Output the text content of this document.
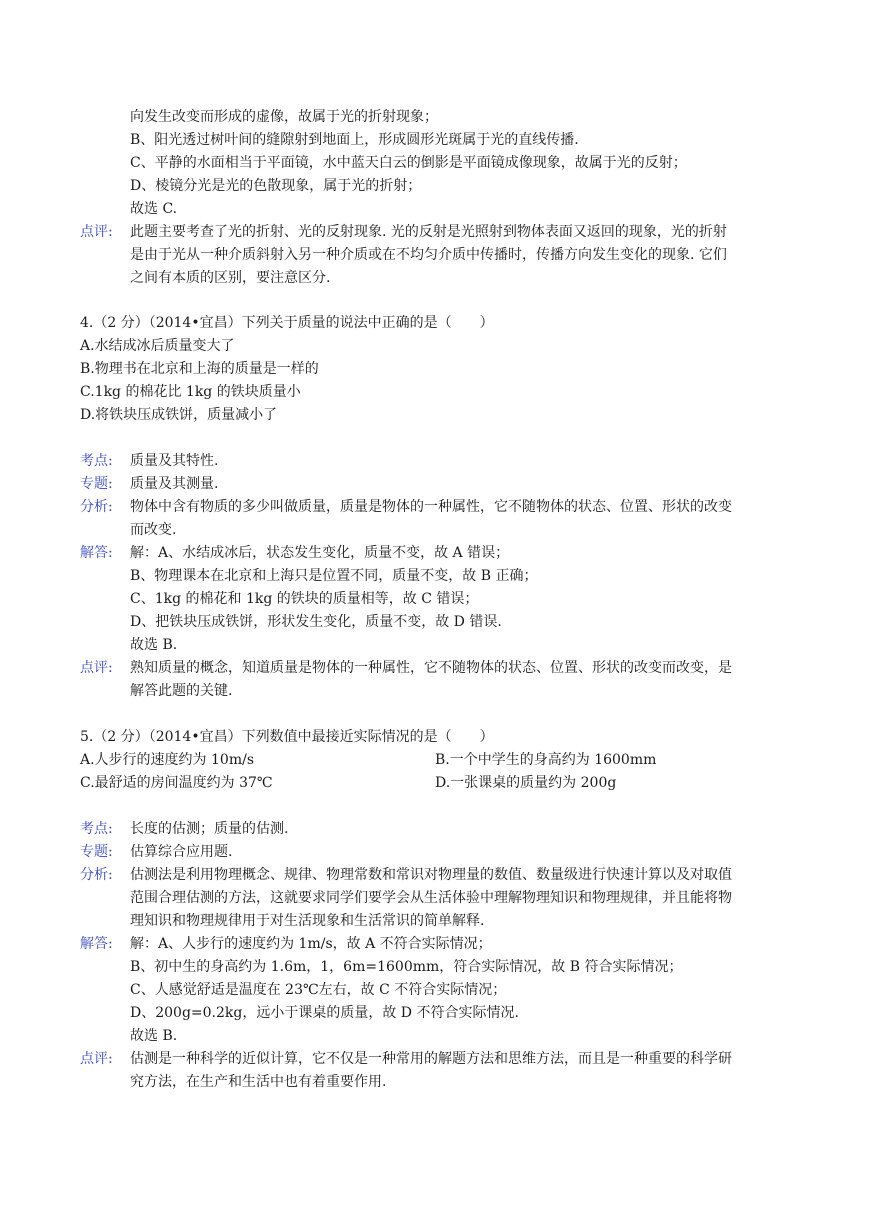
向发生改变而形成的虚像，故属于光的折射现象；
B、阳光透过树叶间的缝隙射到地面上，形成圆形光斑属于光的直线传播.
C、平静的水面相当于平面镜，水中蓝天白云的倒影是平面镜成像现象，故属于光的反射；
D、棱镜分光是光的色散现象，属于光的折射；
故选 C.
点评: 此题主要考查了光的折射、光的反射现象. 光的反射是光照射到物体表面又返回的现象，光的折射
是由于光从一种介质斜射入另一种介质或在不均匀介质中传播时，传播方向发生变化的现象. 它们
之间有本质的区别，要注意区分.
4.（2 分）（2014•宜昌）下列关于质量的说法中正确的是（　　）
A.水结成冰后质量变大了
B.物理书在北京和上海的质量是一样的
C.1kg 的棉花比 1kg 的铁块质量小
D.将铁块压成铁饼，质量减小了
考点: 质量及其特性.
专题: 质量及其测量.
分析: 物体中含有物质的多少叫做质量，质量是物体的一种属性，它不随物体的状态、位置、形状的改变
而改变.
解答: 解：A、水结成冰后，状态发生变化，质量不变，故 A 错误；
B、物理课本在北京和上海只是位置不同，质量不变，故 B 正确；
C、1kg 的棉花和 1kg 的铁块的质量相等，故 C 错误；
D、把铁块压成铁饼，形状发生变化，质量不变，故 D 错误.
故选 B.
点评: 熟知质量的概念，知道质量是物体的一种属性，它不随物体的状态、位置、形状的改变而改变，是
解答此题的关键.
5.（2 分）（2014•宜昌）下列数值中最接近实际情况的是（　　）
A.人步行的速度约为 10m/s	B.一个中学生的身高约为 1600mm
C.最舒适的房间温度约为 37℃	D.一张课桌的质量约为 200g
考点: 长度的估测；质量的估测.
专题: 估算综合应用题.
分析: 估测法是利用物理概念、规律、物理常数和常识对物理量的数值、数量级进行快速计算以及对取值
范围合理估测的方法，这就要求同学们要学会从生活体验中理解物理知识和物理规律，并且能将物
理知识和物理规律用于对生活现象和生活常识的简单解释.
解答: 解：A、人步行的速度约为 1m/s，故 A 不符合实际情况；
B、初中生的身高约为 1.6m，1，6m=1600mm，符合实际情况，故 B 符合实际情况；
C、人感觉舒适是温度在 23℃左右，故 C 不符合实际情况；
D、200g=0.2kg，远小于课桌的质量，故 D 不符合实际情况.
故选 B.
点评: 估测是一种科学的近似计算，它不仅是一种常用的解题方法和思维方法，而且是一种重要的科学研
究方法，在生产和生活中也有着重要作用.
